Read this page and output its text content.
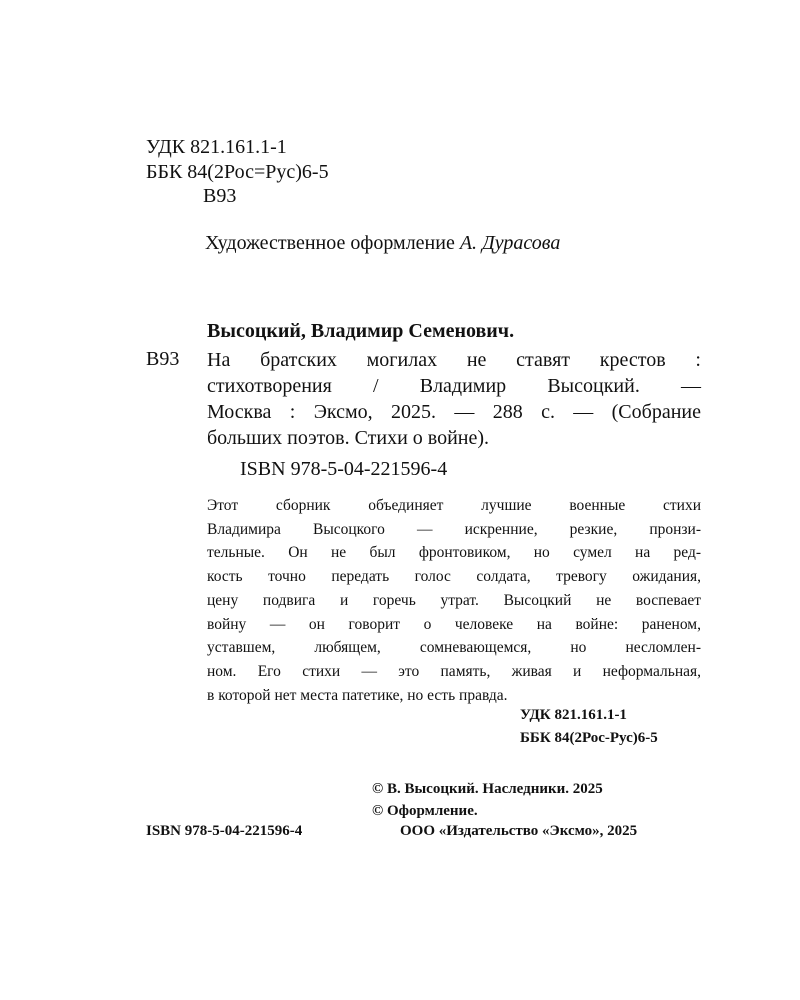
УДК 821.161.1-1
ББК 84(2Рос=Рус)6-5
В93
Художественное оформление А. Дурасова
Высоцкий, Владимир Семенович.
В93 На братских могилах не ставят крестов :
стихотворения / Владимир Высоцкий. —
Москва : Эксмо, 2025. — 288 с. — (Собрание
больших поэтов. Стихи о войне).
ISBN 978-5-04-221596-4
Этот сборник объединяет лучшие военные стихи
Владимира Высоцкого — искренние, резкие, пронзи-
тельные. Он не был фронтовиком, но сумел на ред-
кость точно передать голос солдата, тревогу ожидания,
цену подвига и горечь утрат. Высоцкий не воспевает
войну — он говорит о человеке на войне: раненом,
уставшем, любящем, сомневающемся, но несломлен-
ном. Его стихи — это память, живая и неформальная,
в которой нет места патетике, но есть правда.
УДК 821.161.1-1
ББК 84(2Рос-Рус)6-5
© В. Высоцкий. Наследники. 2025
© Оформление.
ООО «Издательство «Эксмо», 2025
ISBN 978-5-04-221596-4
